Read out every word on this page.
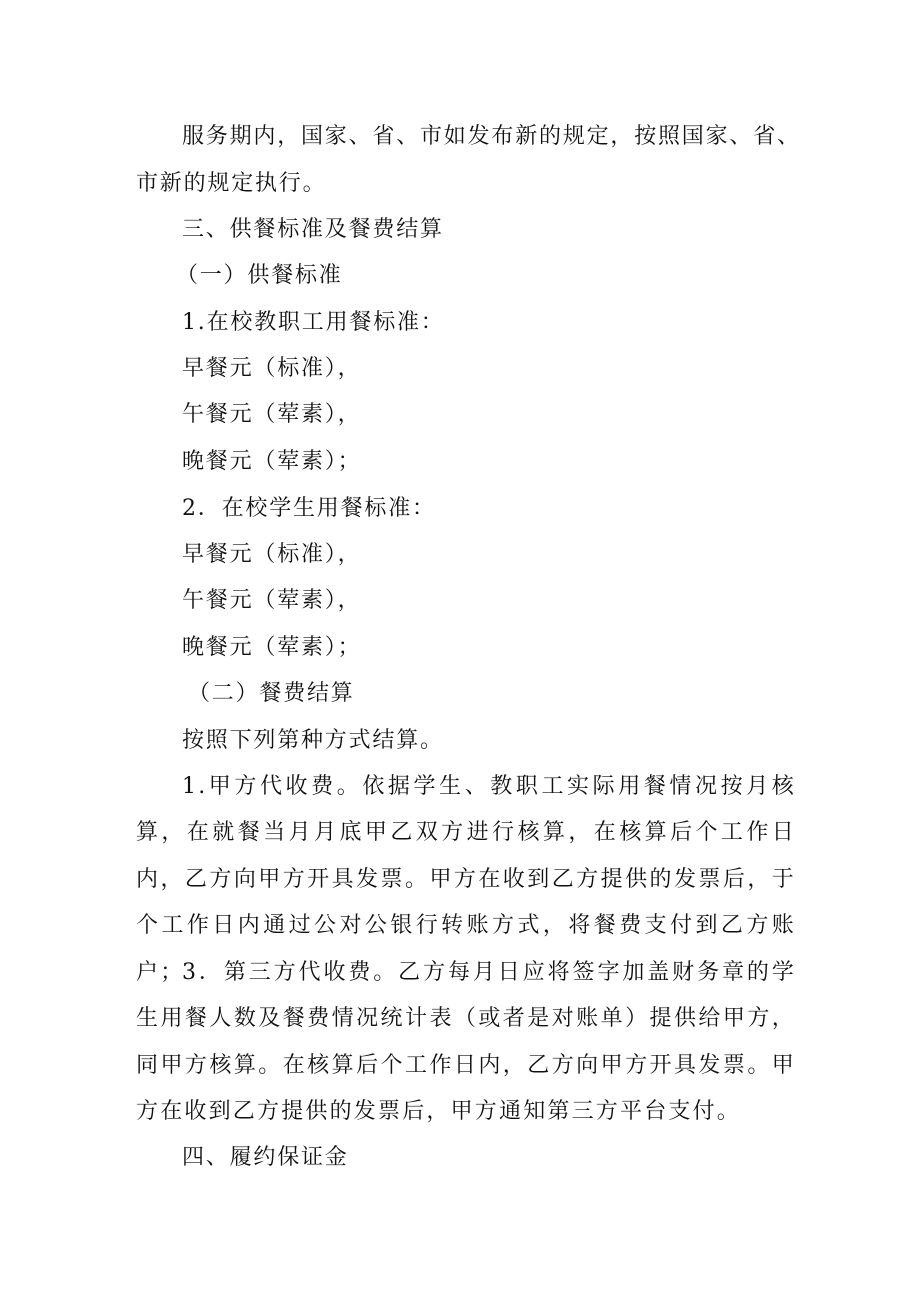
服务期内，国家、省、市如发布新的规定，按照国家、省、
市新的规定执行。
三、供餐标准及餐费结算
（一）供餐标准
1.在校教职工用餐标准：
早餐元（标准），
午餐元（荤素），
晚餐元（荤素）；
2．在校学生用餐标准：
早餐元（标准），
午餐元（荤素），
晚餐元（荤素）；
（二）餐费结算
按照下列第种方式结算。

1.甲方代收费。依据学生、教职工实际用餐情况按月核算，在就餐当月月底甲乙双方进行核算，在核算后个工作日内，乙方向甲方开具发票。甲方在收到乙方提供的发票后，于个工作日内通过公对公银行转账方式，将餐费支付到乙方账户；

3．第三方代收费。乙方每月日应将签字加盖财务章的学生用餐人数及餐费情况统计表（或者是对账单）提供给甲方，同甲方核算。在核算后个工作日内，乙方向甲方开具发票。甲方在收到乙方提供的发票后，甲方通知第三方平台支付。

四、履约保证金
